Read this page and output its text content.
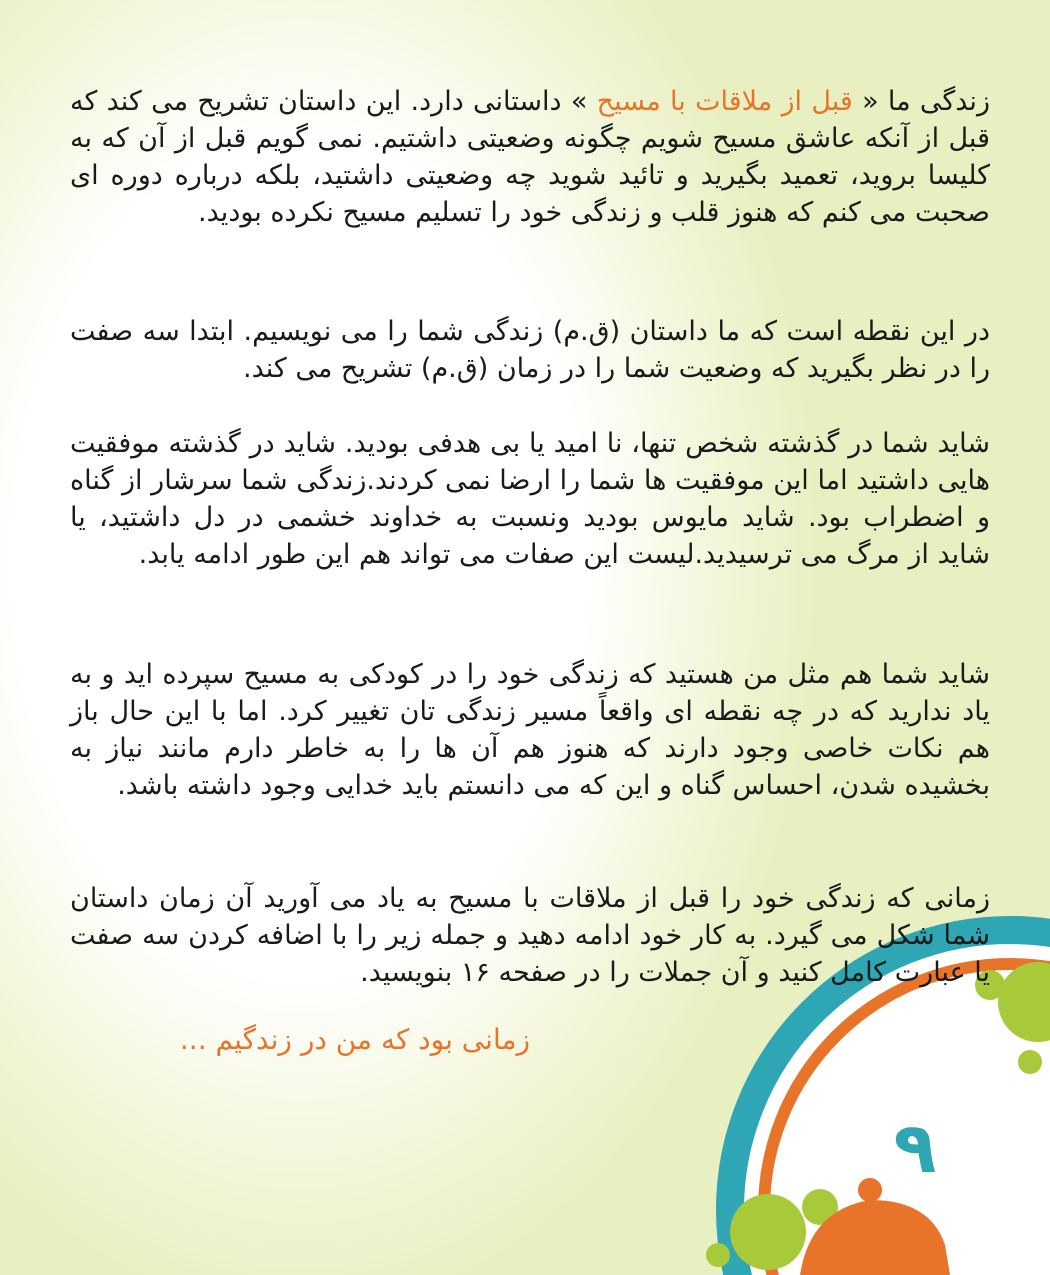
۹
زندگی ما « قبل از ملاقات با مسیح » داستانی دارد. این داستان تشریح می کند که قبل از آنکه عاشق مسیح شویم چگونه وضعیتی داشتیم. نمی گویم قبل از آن که به کلیسا بروید، تعمید بگیرید و تائید شوید چه وضعیتی داشتید، بلکه درباره دوره ای صحبت می کنم که هنوز قلب و زندگی خود را تسلیم مسیح نکرده بودید.
در این نقطه است که ما داستان (ق.م) زندگی شما را می نویسیم. ابتدا سه صفت را در نظر بگیرید که وضعیت شما را در زمان (ق.م) تشریح می کند.
شاید شما در گذشته شخص تنها، نا امید یا بی هدفی بودید. شاید در گذشته موفقیت هایی داشتید اما این موفقیت ها شما را ارضا نمی کردند.زندگی شما سرشار از گناه و اضطراب بود. شاید مایوس بودید ونسبت به خداوند خشمی در دل داشتید، یا شاید از مرگ می ترسیدید.لیست این صفات می تواند هم این طور ادامه یابد.
شاید شما هم مثل من هستید که زندگی خود را در کودکی به مسیح سپرده اید و به یاد ندارید که در چه نقطه ای واقعاً مسیر زندگی تان تغییر کرد. اما با این حال باز هم نکات خاصی وجود دارند که هنوز هم آن ها را به خاطر دارم مانند نیاز به بخشیده شدن، احساس گناه و این که می دانستم باید خدایی وجود داشته باشد.
زمانی که زندگی خود را قبل از ملاقات با مسیح به یاد می آورید آن زمان داستان شما شکل می گیرد. به کار خود ادامه دهید و جمله زیر را با اضافه کردن سه صفت یا عبارت کامل کنید و آن جملات را در صفحه ۱۶ بنویسید.
زمانی بود که من در زندگیم ...
